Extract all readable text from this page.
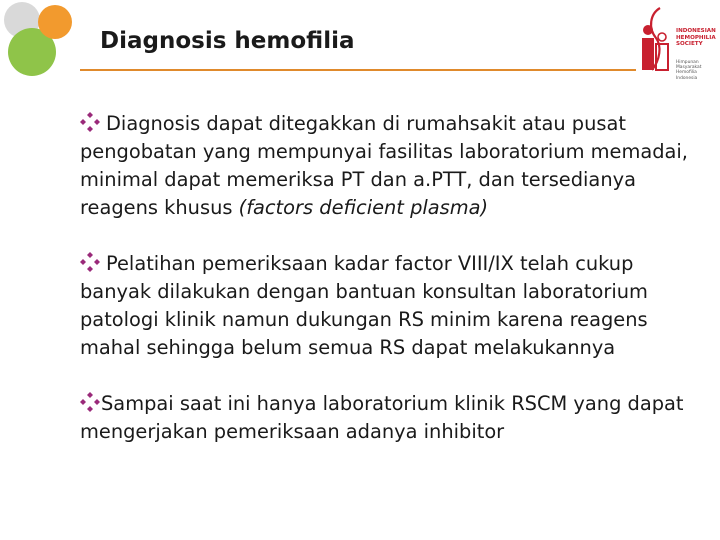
Diagnosis hemofilia	INDONESIAN
HEMOPHILIA
SOCIETY
Himpunan
Masyarakat Hemofilia
Indonesia

Diagnosis dapat ditegakkan di rumahsakit atau pusat pengobatan yang mempunyai fasilitas laboratorium memadai, minimal dapat memeriksa PT dan a.PTT, dan tersedianya reagens khusus (factors deficient plasma)

Pelatihan pemeriksaan kadar factor VIII/IX telah cukup banyak dilakukan dengan bantuan konsultan laboratorium patologi klinik namun dukungan RS minim karena reagens mahal sehingga belum semua RS dapat melakukannya

Sampai saat ini hanya laboratorium klinik RSCM yang dapat mengerjakan pemeriksaan adanya inhibitor
